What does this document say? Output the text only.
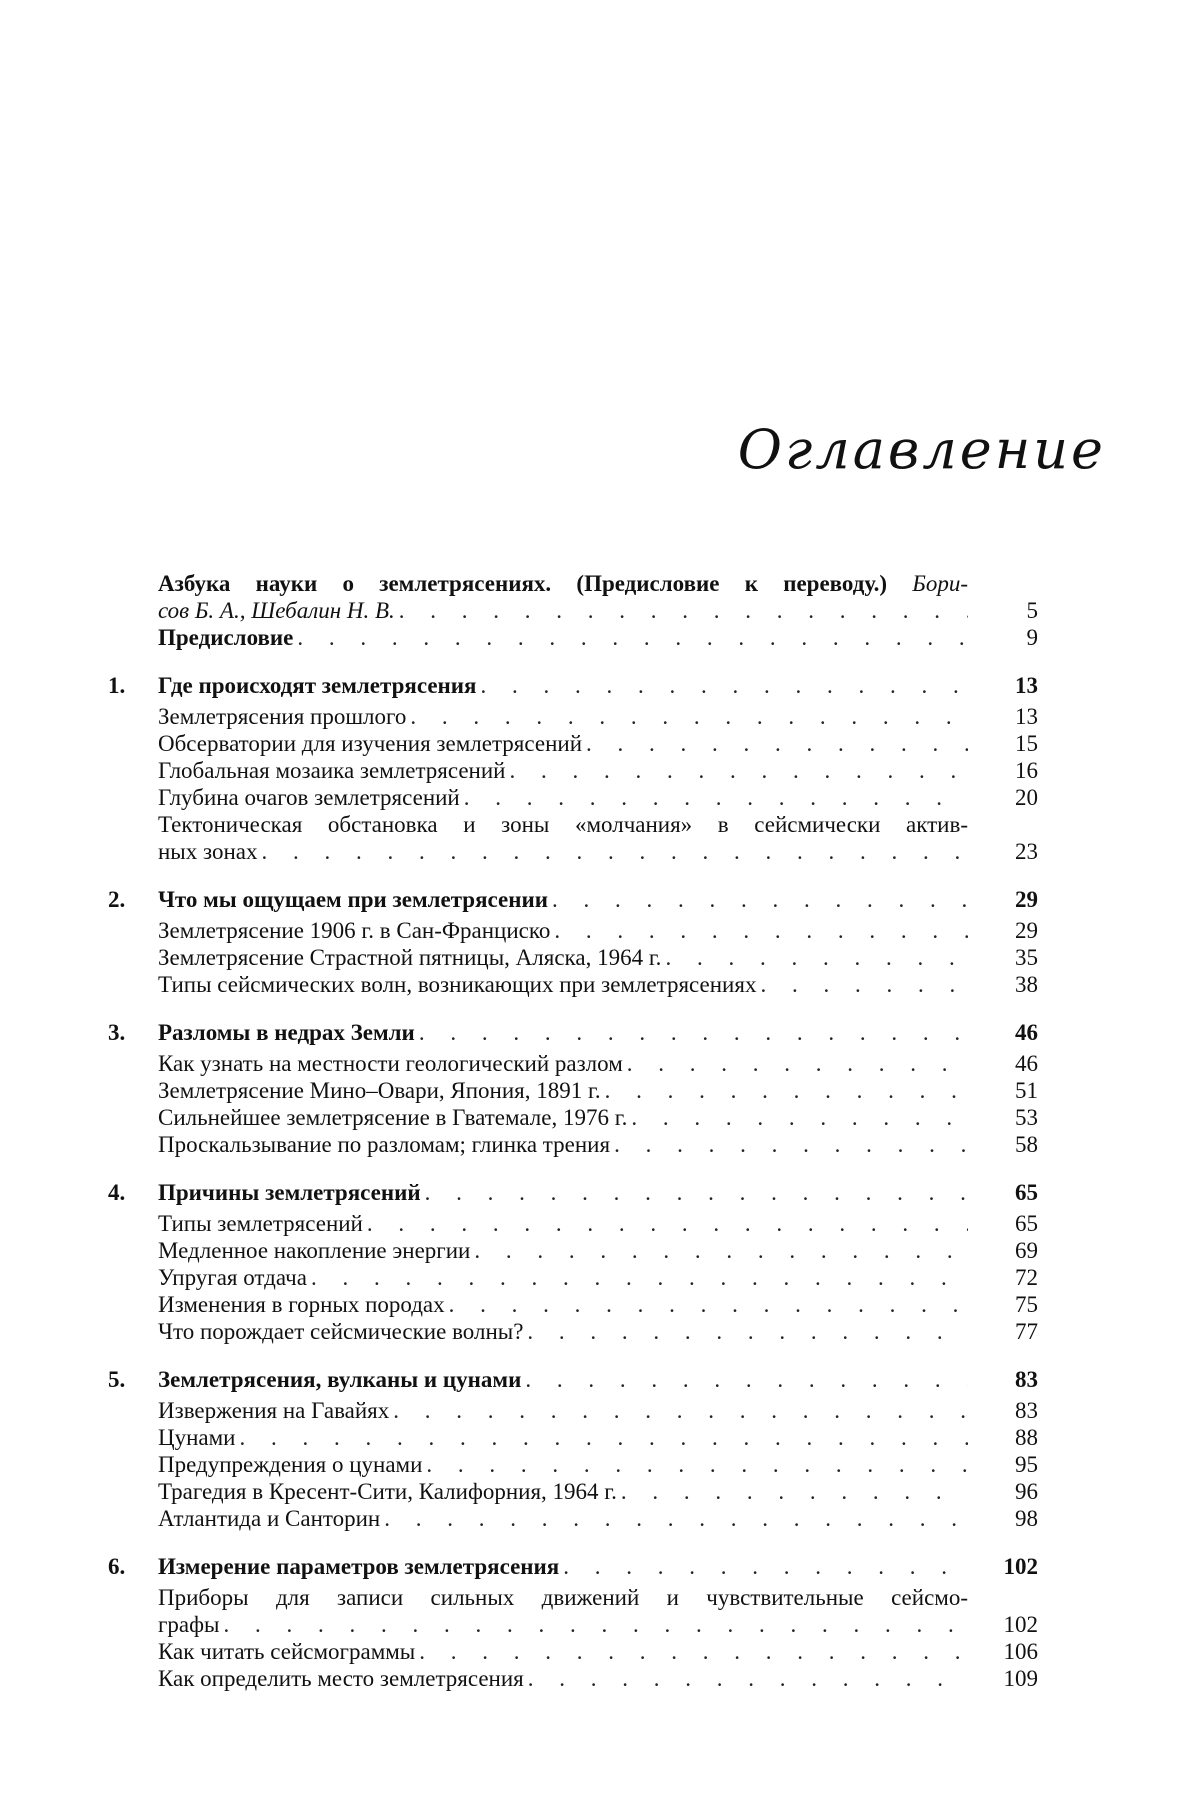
Оглавление
Азбука науки о землетрясениях. (Предисловие к переводу.) Бори-
сов Б. А., Шебалин Н. В. . . .	5
Предисловие . . .	9
1.	Где происходят землетрясения . . .	13
Землетрясения прошлого . . .	13
Обсерватории для изучения землетрясений . . .	15
Глобальная мозаика землетрясений . . .	16
Глубина очагов землетрясений . . .	20
Тектоническая обстановка и зоны «молчания» в сейсмически актив-
ных зонах . . .	23
2.	Что мы ощущаем при землетрясении . . .	29
Землетрясение 1906 г. в Сан-Франциско . . .	29
Землетрясение Страстной пятницы, Аляска, 1964 г. . . .	35
Типы сейсмических волн, возникающих при землетрясениях . . .	38
3.	Разломы в недрах Земли . . .	46
Как узнать на местности геологический разлом . . .	46
Землетрясение Мино–Овари, Япония, 1891 г. . . .	51
Сильнейшее землетрясение в Гватемале, 1976 г. . . .	53
Проскальзывание по разломам; глинка трения . . .	58
4.	Причины землетрясений . . .	65
Типы землетрясений . . .	65
Медленное накопление энергии . . .	69
Упругая отдача . . .	72
Изменения в горных породах . . .	75
Что порождает сейсмические волны? . . .	77
5.	Землетрясения, вулканы и цунами . . .	83
Извержения на Гавайях . . .	83
Цунами . . .	88
Предупреждения о цунами . . .	95
Трагедия в Кресент-Сити, Калифорния, 1964 г. . . .	96
Атлантида и Санторин . . .	98
6.	Измерение параметров землетрясения . . .	102
Приборы для записи сильных движений и чувствительные сейсмо-
графы . . .	102
Как читать сейсмограммы . . .	106
Как определить место землетрясения . . .	109
